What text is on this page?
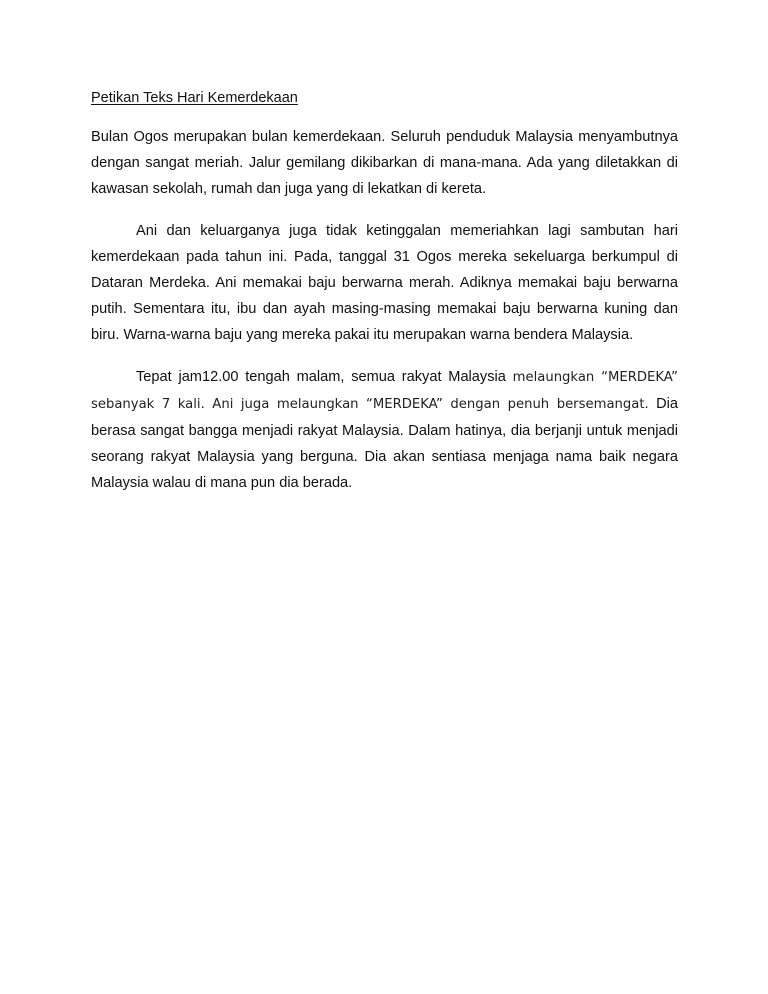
Petikan Teks Hari Kemerdekaan

Bulan Ogos merupakan bulan kemerdekaan. Seluruh penduduk Malaysia menyambutnya dengan sangat meriah. Jalur gemilang dikibarkan di mana-mana. Ada yang diletakkan di kawasan sekolah, rumah dan juga yang di lekatkan di kereta.

Ani dan keluarganya juga tidak ketinggalan memeriahkan lagi sambutan hari kemerdekaan pada tahun ini. Pada, tanggal 31 Ogos mereka sekeluarga berkumpul di Dataran Merdeka. Ani memakai baju berwarna merah. Adiknya memakai baju berwarna putih. Sementara itu, ibu dan ayah masing-masing memakai baju berwarna kuning dan biru. Warna-warna baju yang mereka pakai itu merupakan warna bendera Malaysia.

Tepat jam12.00 tengah malam, semua rakyat Malaysia melaungkan “MERDEKA” sebanyak 7 kali. Ani juga melaungkan “MERDEKA” dengan penuh bersemangat. Dia berasa sangat bangga menjadi rakyat Malaysia. Dalam hatinya, dia berjanji untuk menjadi seorang rakyat Malaysia yang berguna. Dia akan sentiasa menjaga nama baik negara Malaysia walau di mana pun dia berada.
